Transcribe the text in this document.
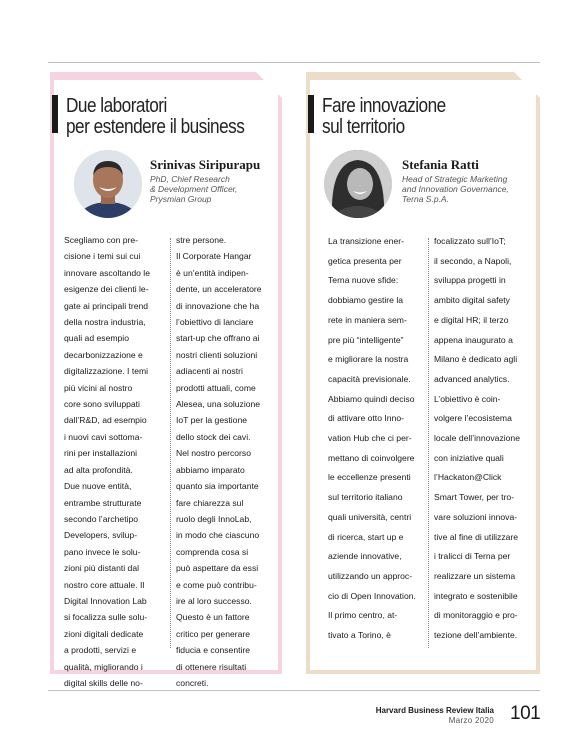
Due laboratori
per estendere il business
Srinivas Siripurapu
PhD, Chief Research
& Development Officer,
Prysmian Group
Scegliamo con pre-
cisione i temi sui cui
innovare ascoltando le
esigenze dei clienti le-
gate ai principali trend
della nostra industria,
quali ad esempio
decarbonizzazione e
digitalizzazione. I temi
più vicini al nostro
core sono sviluppati
dall’R&D, ad esempio
i nuovi cavi sottoma-
rini per installazioni
ad alta profondità.
Due nuove entità,
entrambe strutturate
secondo l’archetipo
Developers, svilup-
pano invece le solu-
zioni più distanti dal
nostro core attuale. Il
Digital Innovation Lab
si focalizza sulle solu-
zioni digitali dedicate
a prodotti, servizi e
qualità, migliorando i
digital skills delle no-
stre persone.
Il Corporate Hangar
è un’entità indipen-
dente, un acceleratore
di innovazione che ha
l’obiettivo di lanciare
start-up che offrano ai
nostri clienti soluzioni
adiacenti ai nostri
prodotti attuali, come
Alesea, una soluzione
IoT per la gestione
dello stock dei cavi.
Nel nostro percorso
abbiamo imparato
quanto sia importante
fare chiarezza sul
ruolo degli InnoLab,
in modo che ciascuno
comprenda cosa si
può aspettare da essi
e come può contribu-
ire al loro successo.
Questo è un fattore
critico per generare
fiducia e consentire
di ottenere risultati
concreti.
Fare innovazione
sul territorio
Stefania Ratti
Head of Strategic Marketing
and Innovation Governance,
Terna S.p.A.
La transizione ener-
getica presenta per
Terna nuove sfide:
dobbiamo gestire la
rete in maniera sem-
pre più “intelligente”
e migliorare la nostra
capacità previsionale.
Abbiamo quindi deciso
di attivare otto Inno-
vation Hub che ci per-
mettano di coinvolgere
le eccellenze presenti
sul territorio italiano
quali università, centri
di ricerca, start up e
aziende innovative,
utilizzando un approc-
cio di Open Innovation.
Il primo centro, at-
tivato a Torino, è
focalizzato sull’IoT;
il secondo, a Napoli,
sviluppa progetti in
ambito digital safety
e digital HR; il terzo
appena inaugurato a
Milano è dedicato agli
advanced analytics.
L’obiettivo è coin-
volgere l’ecosistema
locale dell’innovazione
con iniziative quali
l’Hackaton@Click
Smart Tower, per tro-
vare soluzioni innova-
tive al fine di utilizzare
i tralicci di Terna per
realizzare un sistema
integrato e sostenibile
di monitoraggio e pro-
tezione dell’ambiente.
Harvard Business Review Italia
Marzo 2020 101
